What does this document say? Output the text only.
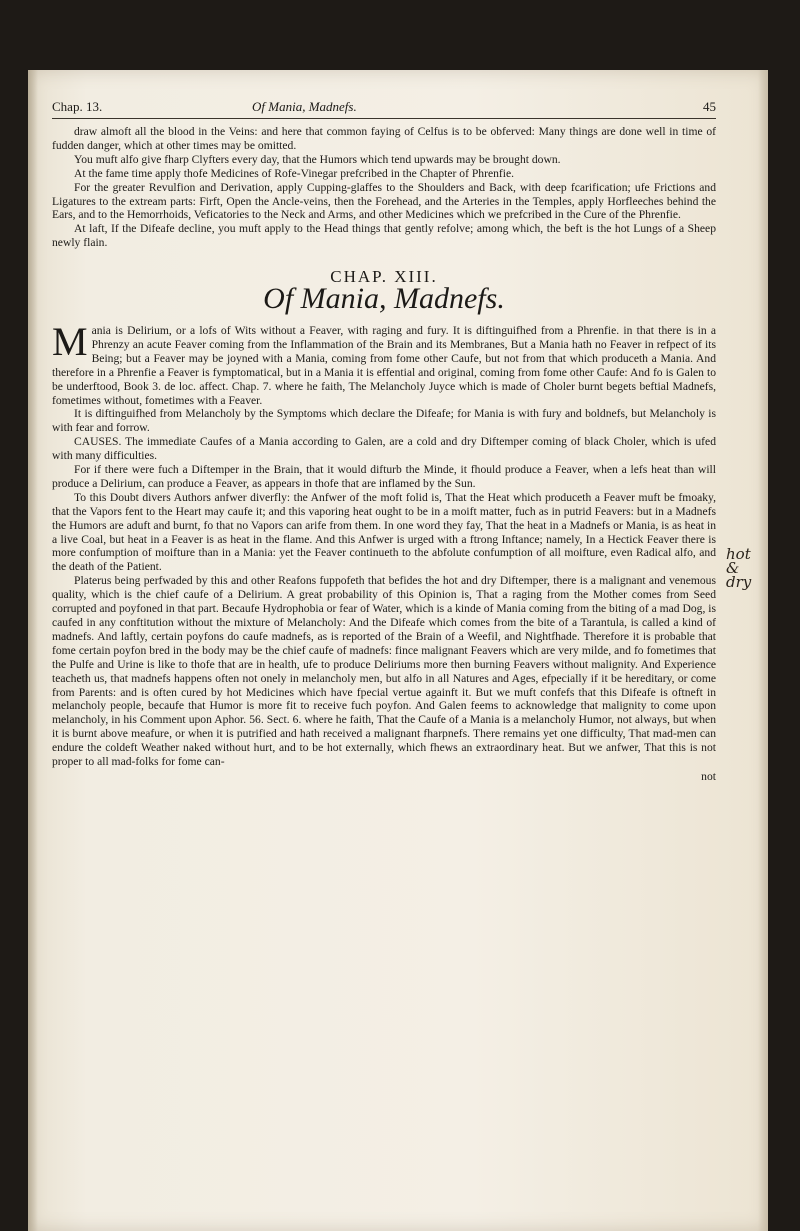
Chap. 13.	Of Mania, Madnefs.	45

draw almoft all the blood in the Veins: and here that common faying of Celfus is to be obferved: Many things are done well in time of fudden danger, which at other times may be omitted.

You muft alfo give fharp Clyfters every day, that the Humors which tend upwards may be brought down.

At the fame time apply thofe Medicines of Rofe-Vinegar prefcribed in the Chapter of Phrenfie.

For the greater Revulfion and Derivation, apply Cupping-glaffes to the Shoulders and Back, with deep fcarification; ufe Frictions and Ligatures to the extream parts: Firft, Open the Ancle-veins, then the Forehead, and the Arteries in the Temples, apply Horfleeches behind the Ears, and to the Hemorrhoids, Veficatories to the Neck and Arms, and other Medicines which we prefcribed in the Cure of the Phrenfie.

At laft, If the Difeafe decline, you muft apply to the Head things that gently refolve; among which, the beft is the hot Lungs of a Sheep newly flain.

CHAP. XIII.
Of Mania, Madnefs.

Mania is Delirium, or a lofs of Wits without a Feaver, with raging and fury. It is diftinguifhed from a Phrenfie. in that there is in a Phrenzy an acute Feaver coming from the Inflammation of the Brain and its Membranes, But a Mania hath no Feaver in refpect of its Being; but a Feaver may be joyned with a Mania, coming from fome other Caufe, but not from that which produceth a Mania. And therefore in a Phrenfie a Feaver is fymptomatical, but in a Mania it is effential and original, coming from fome other Caufe: And fo is Galen to be underftood, Book 3. de loc. affect. Chap. 7. where he faith, The Melancholy Juyce which is made of Choler burnt begets beftial Madnefs, fometimes without, fometimes with a Feaver.

It is diftinguifhed from Melancholy by the Symptoms which declare the Difeafe; for Mania is with fury and boldnefs, but Melancholy is with fear and forrow.

CAUSES. The immediate Caufes of a Mania according to Galen, are a cold and dry Diftemper coming of black Choler, which is ufed with many difficulties.

For if there were fuch a Diftemper in the Brain, that it would difturb the Minde, it fhould produce a Feaver, when a lefs heat than will produce a Delirium, can produce a Feaver, as appears in thofe that are inflamed by the Sun.

To this Doubt divers Authors anfwer diverfly: the Anfwer of the moft folid is, That the Heat which produceth a Feaver muft be fmoaky, that the Vapors fent to the Heart may caufe it; and this vaporing heat ought to be in a moift matter, fuch as in putrid Feavers: but in a Madnefs the Humors are aduft and burnt, fo that no Vapors can arife from them. In one word they fay, That the heat in a Madnefs or Mania, is as heat in a live Coal, but heat in a Feaver is as heat in the flame. And this Anfwer is urged with a ftrong Inftance; namely, In a Hectick Feaver there is more confumption of moifture than in a Mania: yet the Feaver continueth to the abfolute confumption of all moifture, even Radical alfo, and the death of the Patient.

Platerus being perfwaded by this and other Reafons fuppofeth that befides the hot and dry Diftemper, there is a malignant and venemous quality, which is the chief caufe of a Delirium. A great probability of this Opinion is, That a raging from the Mother comes from Seed corrupted and poyfoned in that part. Becaufe Hydrophobia or fear of Water, which is a kinde of Mania coming from the biting of a mad Dog, is caufed in any conftitution without the mixture of Melancholy: And the Difeafe which comes from the bite of a Tarantula, is called a kind of madnefs. And laftly, certain poyfons do caufe madnefs, as is reported of the Brain of a Weefil, and Nightfhade. Therefore it is probable that fome certain poyfon bred in the body may be the chief caufe of madnefs: fince malignant Feavers which are very milde, and fo fometimes that the Pulfe and Urine is like to thofe that are in health, ufe to produce Deliriums more then burning Feavers without malignity. And Experience teacheth us, that madnefs happens often not onely in melancholy men, but alfo in all Natures and Ages, efpecially if it be hereditary, or come from Parents: and is often cured by hot Medicines which have fpecial vertue againft it. But we muft confefs that this Difeafe is oftneft in melancholy people, becaufe that Humor is more fit to receive fuch poyfon. And Galen feems to acknowledge that malignity to come upon melancholy, in his Comment upon Aphor. 56. Sect. 6. where he faith, That the Caufe of a Mania is a melancholy Humor, not always, but when it is burnt above meafure, or when it is putrified and hath received a malignant fharpnefs. There remains yet one difficulty, That mad-men can endure the coldeft Weather naked without hurt, and to be hot externally, which fhews an extraordinary heat. But we anfwer, That this is not proper to all mad-folks for fome can-

not
hot & dry
